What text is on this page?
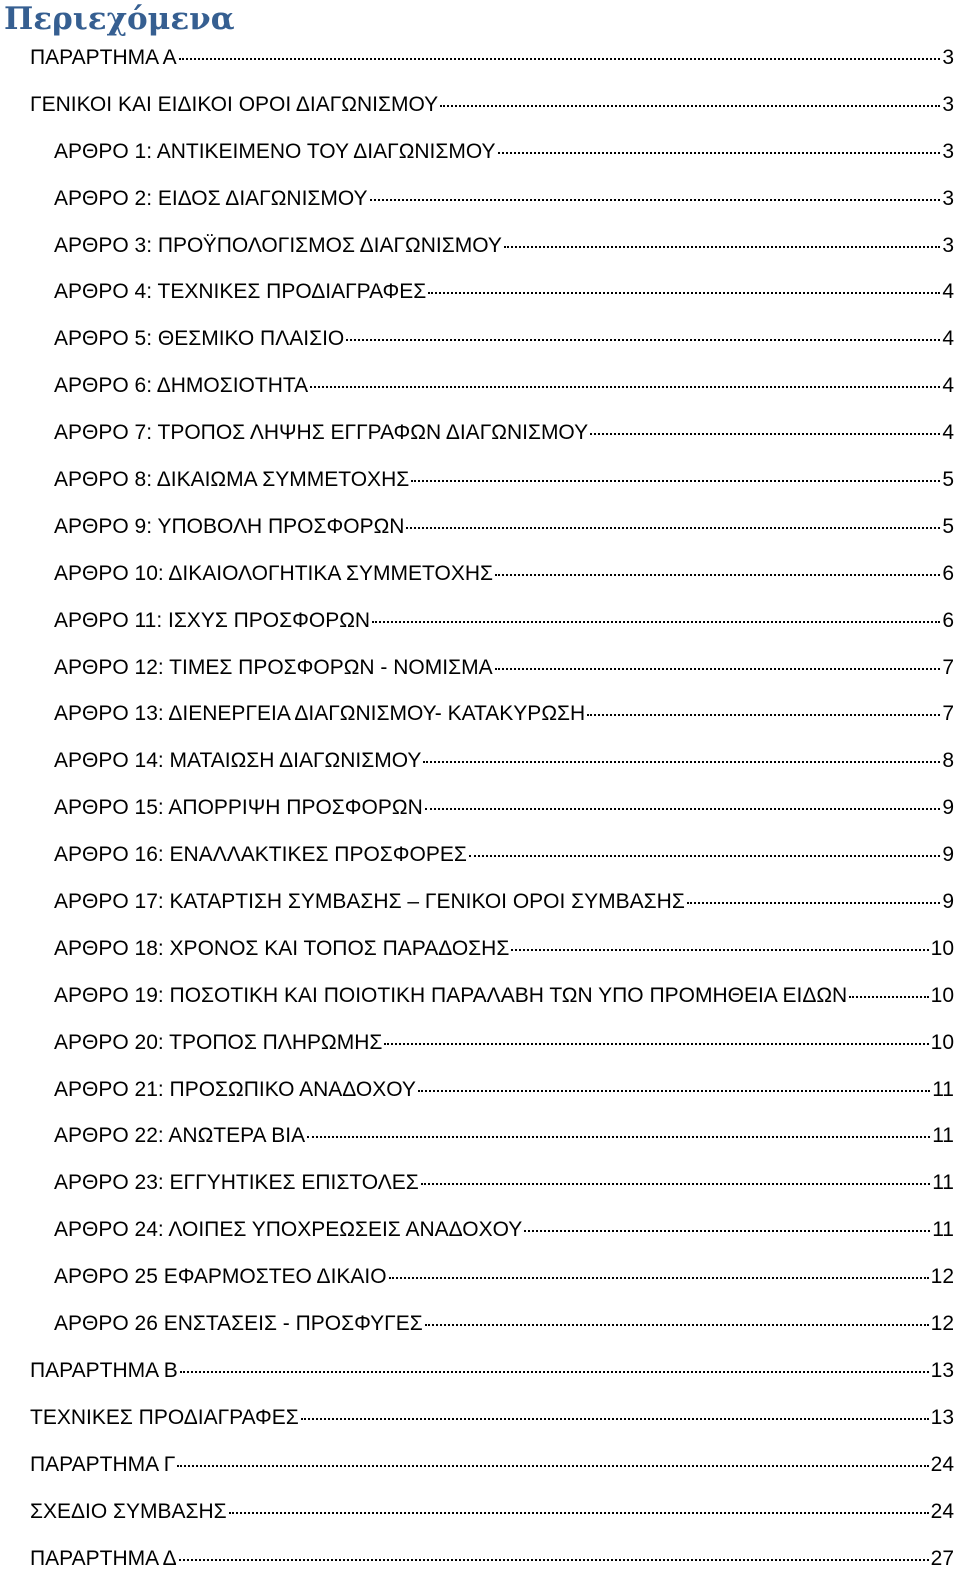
Περιεχόμενα
ΠΑΡΑΡΤΗΜΑ Α	3
ΓΕΝΙΚΟΙ ΚΑΙ ΕΙΔΙΚΟΙ ΟΡΟΙ ΔΙΑΓΩΝΙΣΜΟΥ	3
ΑΡΘΡΟ 1: ΑΝΤΙΚΕΙΜΕΝΟ ΤΟΥ ΔΙΑΓΩΝΙΣΜΟΥ	3
ΑΡΘΡΟ 2: ΕΙΔΟΣ ΔΙΑΓΩΝΙΣΜΟΥ	3
ΑΡΘΡΟ 3: ΠΡΟΫΠΟΛΟΓΙΣΜΟΣ ΔΙΑΓΩΝΙΣΜΟΥ	3
ΑΡΘΡΟ 4: ΤΕΧΝΙΚΕΣ ΠΡΟΔΙΑΓΡΑΦΕΣ	4
ΑΡΘΡΟ 5: ΘΕΣΜΙΚΟ ΠΛΑΙΣΙΟ	4
ΑΡΘΡΟ 6: ΔΗΜΟΣΙΟΤΗΤΑ	4
ΑΡΘΡΟ 7: ΤΡΟΠΟΣ ΛΗΨΗΣ ΕΓΓΡΑΦΩΝ ΔΙΑΓΩΝΙΣΜΟΥ	4
ΑΡΘΡΟ 8: ΔΙΚΑΙΩΜΑ ΣΥΜΜΕΤΟΧΗΣ	5
ΑΡΘΡΟ 9: ΥΠΟΒΟΛΗ ΠΡΟΣΦΟΡΩΝ	5
ΑΡΘΡΟ 10: ΔΙΚΑΙΟΛΟΓΗΤΙΚΑ ΣΥΜΜΕΤΟΧΗΣ	6
ΑΡΘΡΟ 11: ΙΣΧΥΣ ΠΡΟΣΦΟΡΩΝ	6
ΑΡΘΡΟ 12: ΤΙΜΕΣ ΠΡΟΣΦΟΡΩΝ - ΝΟΜΙΣΜΑ	7
ΑΡΘΡΟ 13: ΔΙΕΝΕΡΓΕΙΑ ΔΙΑΓΩΝΙΣΜΟΥ- ΚΑΤΑΚΥΡΩΣΗ	7
ΑΡΘΡΟ 14: ΜΑΤΑΙΩΣΗ ΔΙΑΓΩΝΙΣΜΟΥ	8
ΑΡΘΡΟ 15: ΑΠΟΡΡΙΨΗ ΠΡΟΣΦΟΡΩΝ	9
ΑΡΘΡΟ 16: ΕΝΑΛΛΑΚΤΙΚΕΣ ΠΡΟΣΦΟΡΕΣ	9
ΑΡΘΡΟ 17: ΚΑΤΑΡΤΙΣΗ ΣΥΜΒΑΣΗΣ – ΓΕΝΙΚΟΙ ΟΡΟΙ ΣΥΜΒΑΣΗΣ	9
ΑΡΘΡΟ 18: ΧΡΟΝΟΣ ΚΑΙ ΤΟΠΟΣ ΠΑΡΑΔΟΣΗΣ	10
ΑΡΘΡΟ 19: ΠΟΣΟΤΙΚΗ ΚΑΙ ΠΟΙΟΤΙΚΗ ΠΑΡΑΛΑΒΗ ΤΩΝ ΥΠΟ ΠΡΟΜΗΘΕΙΑ ΕΙΔΩΝ	10
ΑΡΘΡΟ 20: ΤΡΟΠΟΣ ΠΛΗΡΩΜΗΣ	10
ΑΡΘΡΟ 21: ΠΡΟΣΩΠΙΚΟ ΑΝΑΔΟΧΟΥ	11
ΑΡΘΡΟ 22: ΑΝΩΤΕΡΑ ΒΙΑ	11
ΑΡΘΡΟ 23: ΕΓΓΥΗΤΙΚΕΣ ΕΠΙΣΤΟΛΕΣ	11
ΑΡΘΡΟ 24: ΛΟΙΠΕΣ ΥΠΟΧΡΕΩΣΕΙΣ ΑΝΑΔΟΧΟΥ	11
ΑΡΘΡΟ 25 ΕΦΑΡΜΟΣΤΕΟ ΔΙΚΑΙΟ	12
ΑΡΘΡΟ 26 ΕΝΣΤΑΣΕΙΣ - ΠΡΟΣΦΥΓΕΣ	12
ΠΑΡΑΡΤΗΜΑ Β	13
ΤΕΧΝΙΚΕΣ ΠΡΟΔΙΑΓΡΑΦΕΣ	13
ΠΑΡΑΡΤΗΜΑ Γ	24
ΣΧΕΔΙΟ ΣΥΜΒΑΣΗΣ	24
ΠΑΡΑΡΤΗΜΑ Δ	27
